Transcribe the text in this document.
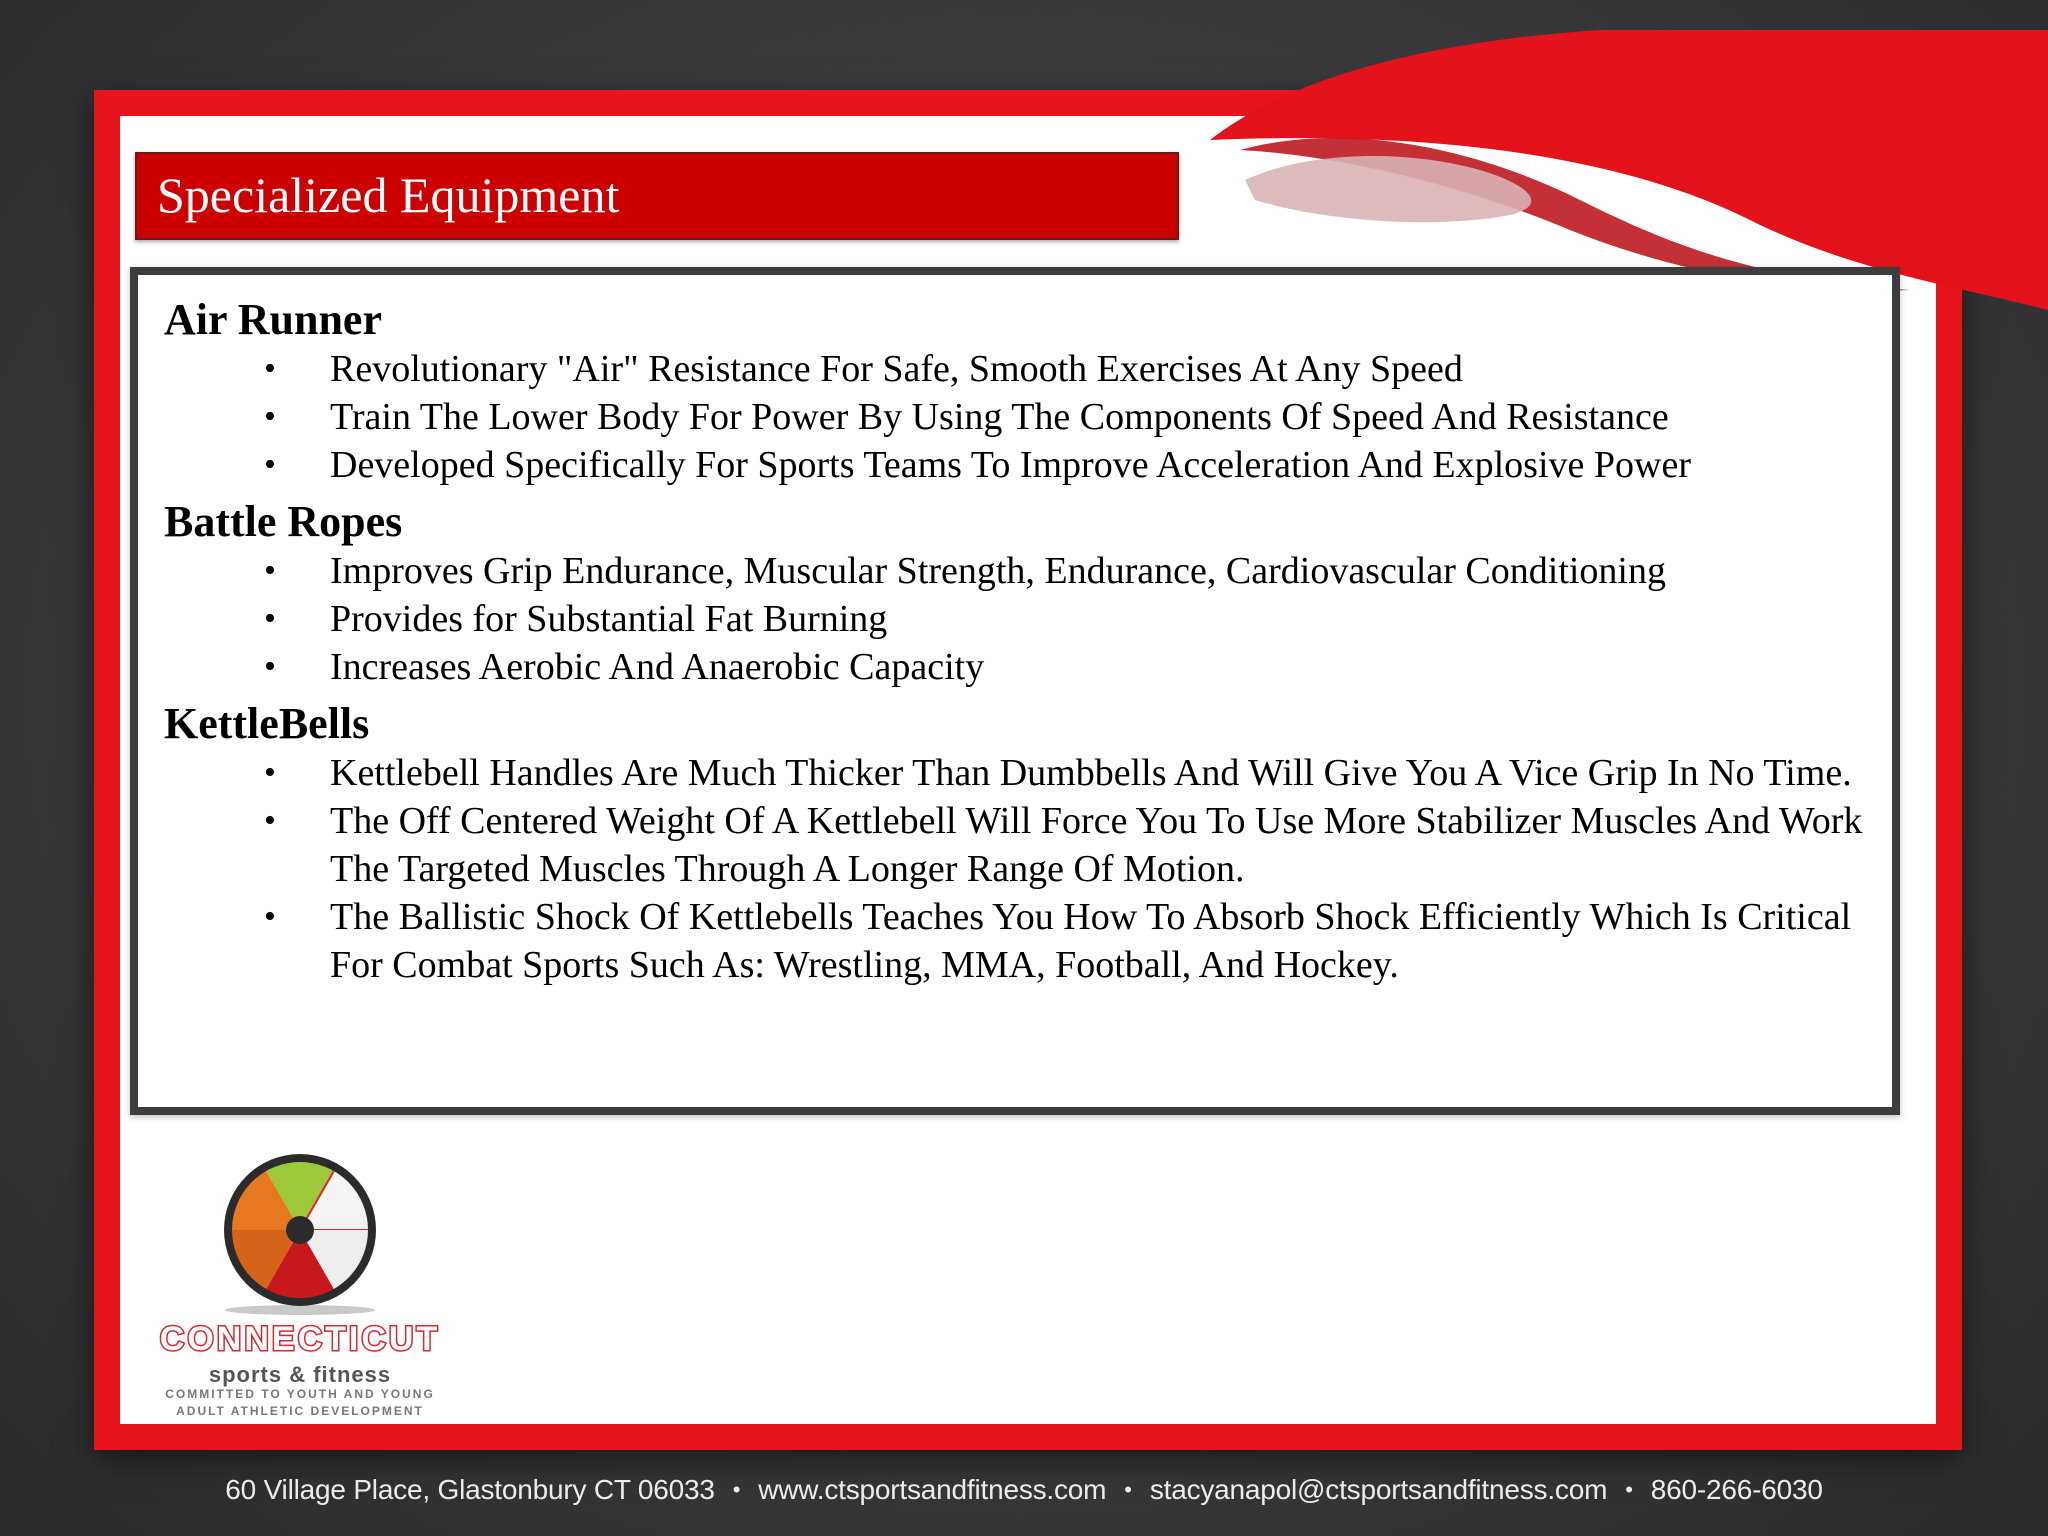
Specialized Equipment
Air Runner
• Revolutionary "Air" Resistance For Safe, Smooth Exercises At Any Speed
• Train The Lower Body For Power By Using The Components Of Speed And Resistance
• Developed Specifically For Sports Teams To Improve Acceleration And Explosive Power
Battle Ropes
• Improves Grip Endurance, Muscular Strength, Endurance, Cardiovascular Conditioning
• Provides for Substantial Fat Burning
• Increases Aerobic And Anaerobic Capacity
KettleBells
• Kettlebell Handles Are Much Thicker Than Dumbbells And Will Give You A Vice Grip In No Time.
• The Off Centered Weight Of A Kettlebell Will Force You To Use More Stabilizer Muscles And Work The Targeted Muscles Through A Longer Range Of Motion.
• The Ballistic Shock Of Kettlebells Teaches You How To Absorb Shock Efficiently Which Is Critical For Combat Sports Such As: Wrestling, MMA, Football, And Hockey.
CONNECTICUT
sports & fitness
COMMITTED TO YOUTH AND YOUNG
ADULT ATHLETIC DEVELOPMENT
60 Village Place, Glastonbury CT 06033 • www.ctsportsandfitness.com • stacyanapol@ctsportsandfitness.com • 860-266-6030
